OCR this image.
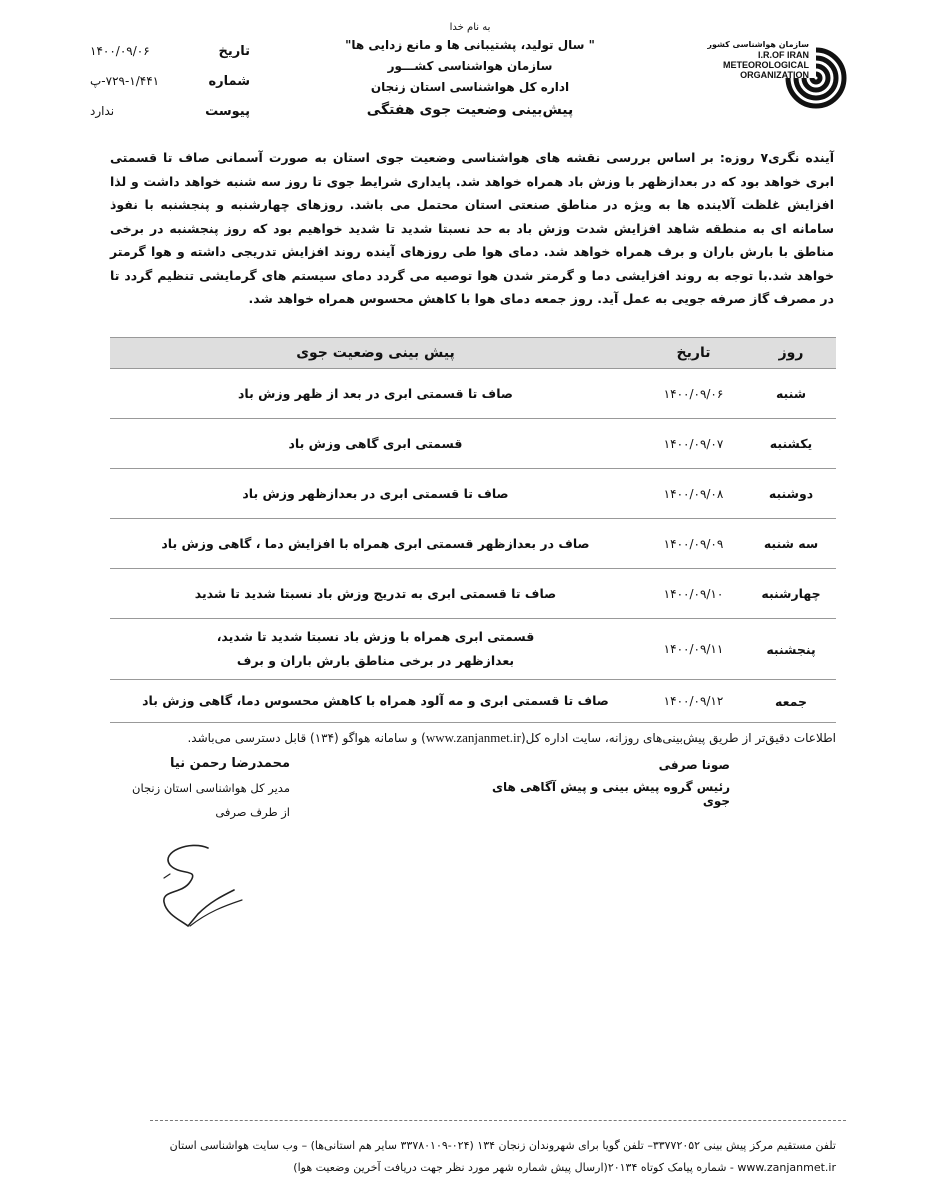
سازمان هواشناسی کشور
I.R.OF IRAN
METEOROLOGICAL
ORGANIZATION
به نام خدا
" سال تولید، پشتیبانی ها و مانع زدایی ها"
سازمان هواشناسی کشـــور
اداره کل هواشناسی استان زنجان
پیش‌بینی وضعیت جوی هفتگی
تاریخ
۱۴۰۰/۰۹/۰۶
شماره
۷۲۹-۱/۴۴۱-پ
پیوست
ندارد
آینده نگری۷ روزه: بر اساس بررسی نقشه های هواشناسی وضعیت جوی استان به صورت آسمانی صاف تا قسمتی ابری خواهد بود که در بعدازظهر با وزش باد همراه خواهد شد. پایداری شرایط جوی تا روز سه شنبه خواهد داشت و لذا افزایش غلظت آلاینده ها به ویژه در مناطق صنعتی استان محتمل می باشد. روزهای چهارشنبه و پنجشنبه با نفوذ سامانه ای به منطقه شاهد افزایش شدت وزش باد به حد نسبتا شدید تا شدید خواهیم بود که روز پنجشنبه در برخی مناطق با بارش باران و برف همراه خواهد شد. دمای هوا طی روزهای آینده روند افزایش تدریجی داشته و هوا گرمتر خواهد شد.با توجه به روند افزایشی دما و گرمتر شدن هوا توصیه می گردد دمای سیستم های گرمایشی تنظیم گردد تا در مصرف گاز صرفه جویی به عمل آید. روز جمعه دمای هوا با کاهش محسوس همراه خواهد شد.
روز
تاریخ
پیش بینی وضعیت جوی
شنبه
۱۴۰۰/۰۹/۰۶
صاف تا قسمتی ابری در بعد از ظهر وزش باد
یکشنبه
۱۴۰۰/۰۹/۰۷
قسمتی ابری گاهی وزش باد
دوشنبه
۱۴۰۰/۰۹/۰۸
صاف تا قسمتی ابری در بعدازظهر وزش باد
سه شنبه
۱۴۰۰/۰۹/۰۹
صاف در بعدازظهر قسمتی ابری همراه با افزایش دما ، گاهی وزش باد
چهارشنبه
۱۴۰۰/۰۹/۱۰
صاف تا قسمتی ابری به تدریج وزش باد نسبتا شدید تا شدید
پنجشنبه
۱۴۰۰/۰۹/۱۱
قسمتی ابری همراه با وزش باد نسبتا شدید تا شدید،
بعدازظهر در برخی مناطق بارش باران و برف
جمعه
۱۴۰۰/۰۹/۱۲
صاف تا قسمتی ابری و مه آلود همراه با کاهش محسوس دما، گاهی وزش باد
اطلاعات دقیق‌تر از طریق پیش‌بینی‌های روزانه، سایت اداره کل(www.zanjanmet.ir) و سامانه هواگو (۱۳۴) قابل دسترسی می‌باشد.
صونا صرفی
رئیس گروه پیش بینی و پیش آگاهی های جوی
محمدرضا رحمن نیا
مدیر کل هواشناسی استان زنجان
از طرف صرفی
تلفن مستقیم مرکز پیش بینی ۳۳۷۷۲۰۵۲– تلفن گویا برای شهروندان زنجان ۱۳۴ (۰۲۴-۳۳۷۸۰۱۰۹ سایر هم استانی‌ها) – وب سایت هواشناسی استان
www.zanjanmet.ir - شماره پیامک کوتاه ۲۰۱۳۴(ارسال پیش شماره شهر مورد نظر جهت دریافت آخرین وضعیت هوا)
